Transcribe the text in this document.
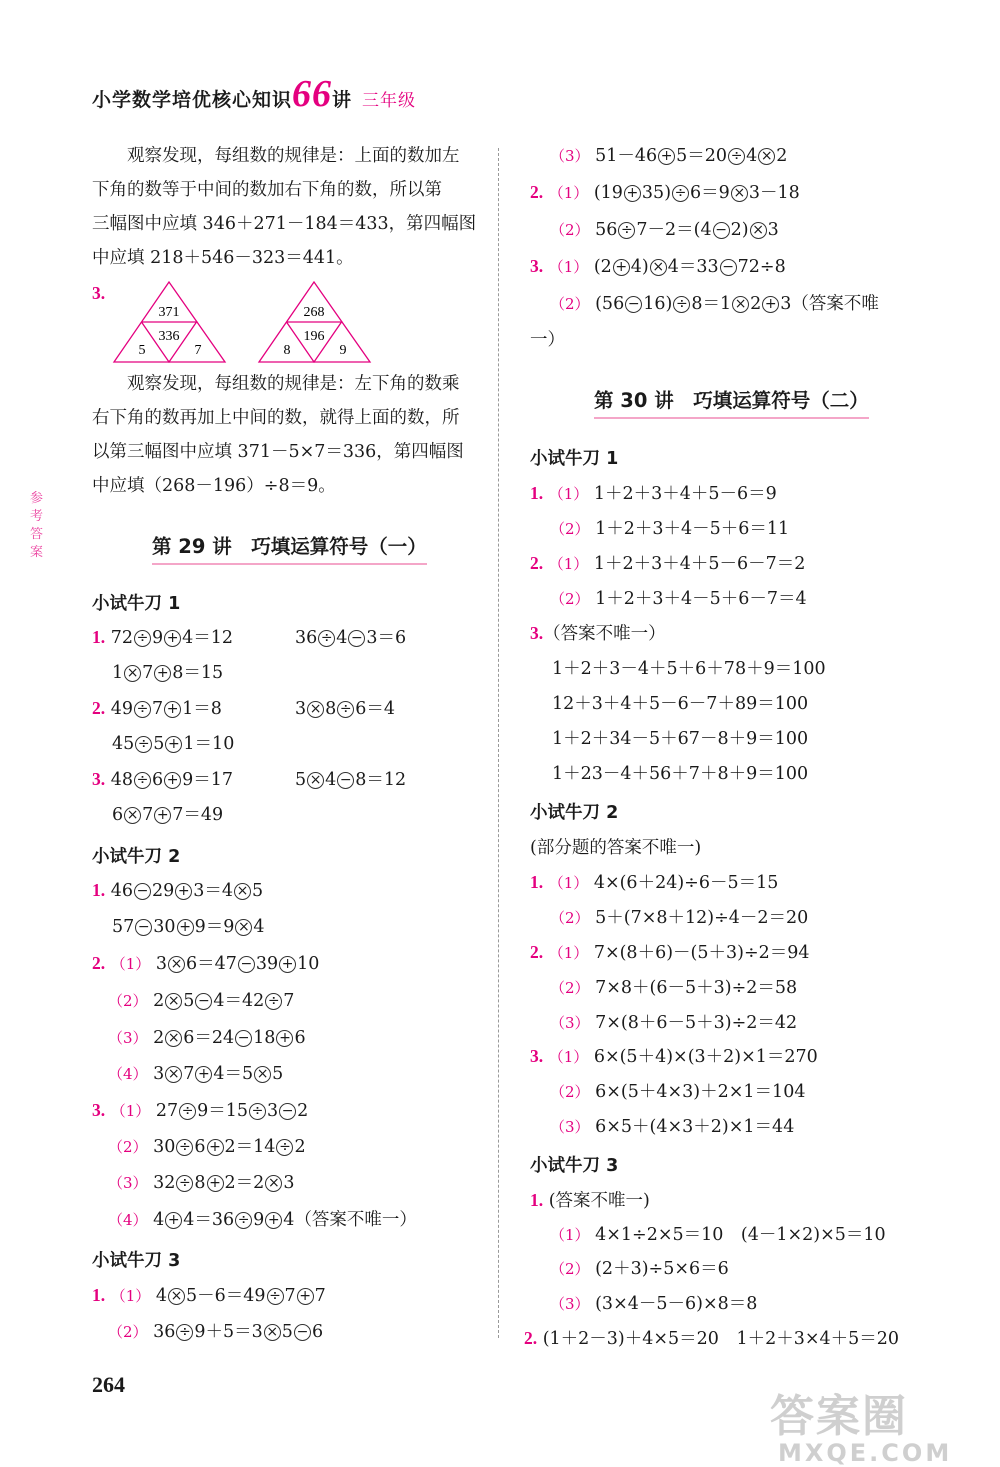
小学数学培优核心知识66讲 三年级
参考答案
观察发现，每组数的规律是：上面的数加左
下角的数等于中间的数加右下角的数，所以第
三幅图中应填 346＋271－184＝433，第四幅图
中应填 218＋546－323＝441。
3.
371
336
5	7
268
196
8	9
观察发现，每组数的规律是：左下角的数乘
右下角的数再加上中间的数，就得上面的数，所
以第三幅图中应填 371－5×7＝336，第四幅图
中应填（268－196）÷8＝9。
第 29 讲　巧填运算符号（一）
小试牛刀 1
1. 72 ÷ 9 + 4＝12	36 ÷ 4 − 3＝6
1 × 7 + 8＝15
2. 49 ÷ 7 + 1＝8	3 × 8 ÷ 6＝4
45 ÷ 5 + 1＝10
3. 48 ÷ 6 + 9＝17	5 × 4 − 8＝12
6 × 7 + 7＝49
小试牛刀 2
1. 46 − 29 + 3＝4 × 5
57 − 30 + 9＝9 × 4
2. （1） 3 × 6＝47 − 39 + 10
（2） 2 × 5 − 4＝42 ÷ 7
（3） 2 × 6＝24 − 18 + 6
（4） 3 × 7 + 4＝5 × 5
3. （1） 27 ÷ 9＝15 ÷ 3 − 2
（2） 30 ÷ 6 + 2＝14 ÷ 2
（3） 32 ÷ 8 + 2＝2 × 3
（4） 4 + 4＝36 ÷ 9 + 4（答案不唯一）
小试牛刀 3
1. （1） 4 × 5－6＝49 ÷ 7 + 7
（2） 36 ÷ 9＋5＝3 × 5 − 6
（3） 51－46 + 5＝20 ÷ 4 × 2
2. （1） (19 + 35) ÷ 6＝9 × 3－18
（2） 56 ÷ 7－2＝(4 − 2) × 3
3. （1） (2 + 4) × 4＝33 − 72÷8
（2） (56 − 16) ÷ 8＝1 × 2 + 3（答案不唯
一）
第 30 讲　巧填运算符号（二）
小试牛刀 1
1. （1） 1＋2＋3＋4＋5－6＝9
（2） 1＋2＋3＋4－5＋6＝11
2. （1） 1＋2＋3＋4＋5－6－7＝2
（2） 1＋2＋3＋4－5＋6－7＝4
3.（答案不唯一）
1＋2＋3－4＋5＋6＋78＋9＝100
12＋3＋4＋5－6－7＋89＝100
1＋2＋34－5＋67－8＋9＝100
1＋23－4＋56＋7＋8＋9＝100
小试牛刀 2
(部分题的答案不唯一)
1. （1） 4×(6＋24)÷6－5＝15
（2） 5＋(7×8＋12)÷4－2＝20
2. （1） 7×(8＋6)－(5＋3)÷2＝94
（2） 7×8＋(6－5＋3)÷2＝58
（3） 7×(8＋6－5＋3)÷2＝42
3. （1） 6×(5＋4)×(3＋2)×1＝270
（2） 6×(5＋4×3)＋2×1＝104
（3） 6×5＋(4×3＋2)×1＝44
小试牛刀 3
1. (答案不唯一)
（1） 4×1÷2×5＝10　(4－1×2)×5＝10
（2） (2＋3)÷5×6＝6
（3） (3×4－5－6)×8＝8
2. (1＋2－3)＋4×5＝20　1＋2＋3×4＋5＝20
264
答案圈
MXQE.COM
